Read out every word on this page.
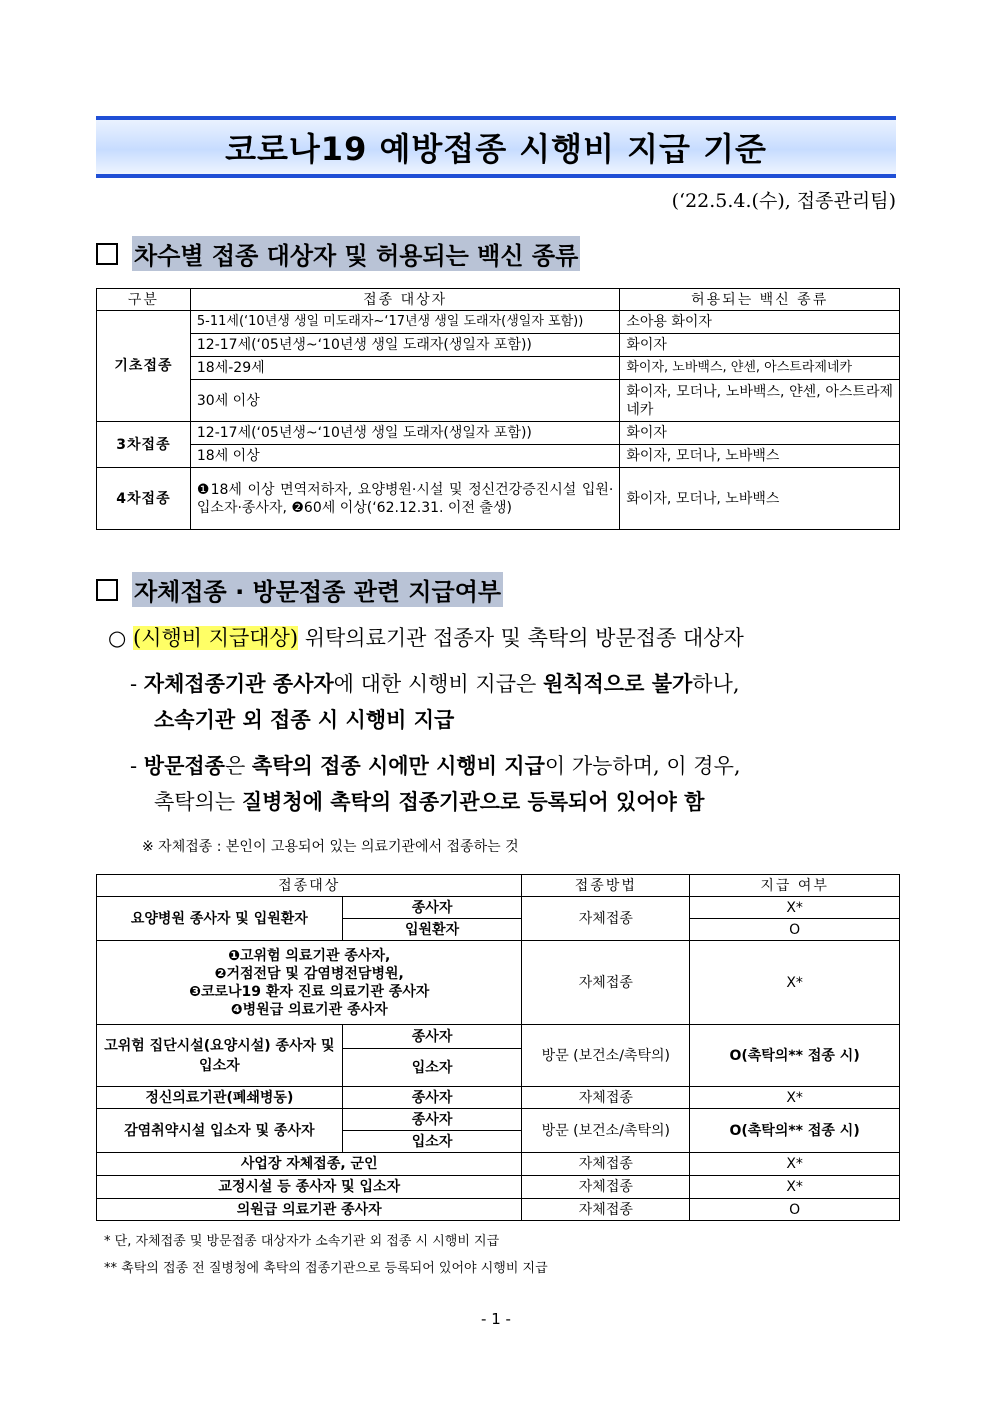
코로나19 예방접종 시행비 지급 기준
(‘22.5.4.(수), 접종관리팀)
차수별 접종 대상자 및 허용되는 백신 종류
구분	접종 대상자	허용되는 백신 종류
기초접종	5-11세(‘10년생 생일 미도래자~‘17년생 생일 도래자(생일자 포함))	소아용 화이자
	12-17세(‘05년생~‘10년생 생일 도래자(생일자 포함))	화이자
	18세-29세	화이자, 노바백스, 얀센, 아스트라제네카
	30세 이상	화이자, 모더나, 노바백스, 얀센, 아스트라제네카
3차접종	12-17세(‘05년생~‘10년생 생일 도래자(생일자 포함))	화이자
	18세 이상	화이자, 모더나, 노바백스
4차접종	❶18세 이상 면역저하자, 요양병원·시설 및 정신건강증진시설 입원·입소자·종사자, ❷60세 이상(‘62.12.31. 이전 출생)	화이자, 모더나, 노바백스
자체접종 · 방문접종 관련 지급여부
○ (시행비 지급대상) 위탁의료기관 접종자 및 촉탁의 방문접종 대상자
- 자체접종기관 종사자에 대한 시행비 지급은 원칙적으로 불가하나,
소속기관 외 접종 시 시행비 지급
- 방문접종은 촉탁의 접종 시에만 시행비 지급이 가능하며, 이 경우,
촉탁의는 질병청에 촉탁의 접종기관으로 등록되어 있어야 함
※ 자체접종 : 본인이 고용되어 있는 의료기관에서 접종하는 것
접종대상		접종방법	지급 여부
요양병원 종사자 및 입원환자	종사자	자체접종	X*
	입원환자		O

❶고위험 의료기관 종사자,
❷거점전담 및 감염병전담병원,
❸코로나19 환자 진료 의료기관 종사자
❹병원급 의료기관 종사자		자체접종	X*
고위험 집단시설(요양시설) 종사자 및 입소자	종사자	방문 (보건소/촉탁의)	O(촉탁의** 접종 시)
	입소자		
정신의료기관(폐쇄병동)	종사자	자체접종	X*
감염취약시설 입소자 및 종사자	종사자	방문 (보건소/촉탁의)	O(촉탁의** 접종 시)
	입소자		
사업장 자체접종, 군인		자체접종	X*
교정시설 등 종사자 및 입소자		자체접종	X*
의원급 의료기관 종사자		자체접종	O
* 단, 자체접종 및 방문접종 대상자가 소속기관 외 접종 시 시행비 지급
** 촉탁의 접종 전 질병청에 촉탁의 접종기관으로 등록되어 있어야 시행비 지급
- 1 -
